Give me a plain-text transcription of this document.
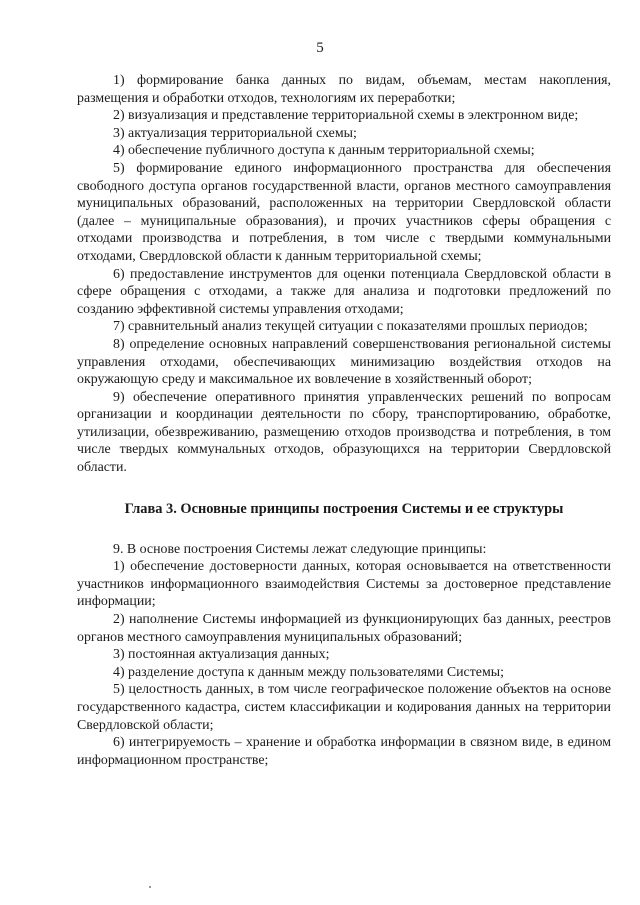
5

1) формирование банка данных по видам, объемам, местам накопления, размещения и обработки отходов, технологиям их переработки;

2) визуализация и представление территориальной схемы в электронном виде;

3) актуализация территориальной схемы;

4) обеспечение публичного доступа к данным территориальной схемы;

5) формирование единого информационного пространства для обеспечения свободного доступа органов государственной власти, органов местного самоуправления муниципальных образований, расположенных на территории Свердловской области (далее – муниципальные образования), и прочих участников сферы обращения с отходами производства и потребления, в том числе с твердыми коммунальными отходами, Свердловской области к данным территориальной схемы;

6) предоставление инструментов для оценки потенциала Свердловской области в сфере обращения с отходами, а также для анализа и подготовки предложений по созданию эффективной системы управления отходами;

7) сравнительный анализ текущей ситуации с показателями прошлых периодов;

8) определение основных направлений совершенствования региональной системы управления отходами, обеспечивающих минимизацию воздействия отходов на окружающую среду и максимальное их вовлечение в хозяйственный оборот;

9) обеспечение оперативного принятия управленческих решений по вопросам организации и координации деятельности по сбору, транспортированию, обработке, утилизации, обезвреживанию, размещению отходов производства и потребления, в том числе твердых коммунальных отходов, образующихся на территории Свердловской области.

Глава 3. Основные принципы построения Системы и ее структуры

9. В основе построения Системы лежат следующие принципы:

1) обеспечение достоверности данных, которая основывается на ответственности участников информационного взаимодействия Системы за достоверное представление информации;

2) наполнение Системы информацией из функционирующих баз данных, реестров органов местного самоуправления муниципальных образований;

3) постоянная актуализация данных;

4) разделение доступа к данным между пользователями Системы;

5) целостность данных, в том числе географическое положение объектов на основе государственного кадастра, систем классификации и кодирования данных на территории Свердловской области;

6) интегрируемость – хранение и обработка информации в связном виде, в едином информационном пространстве;
